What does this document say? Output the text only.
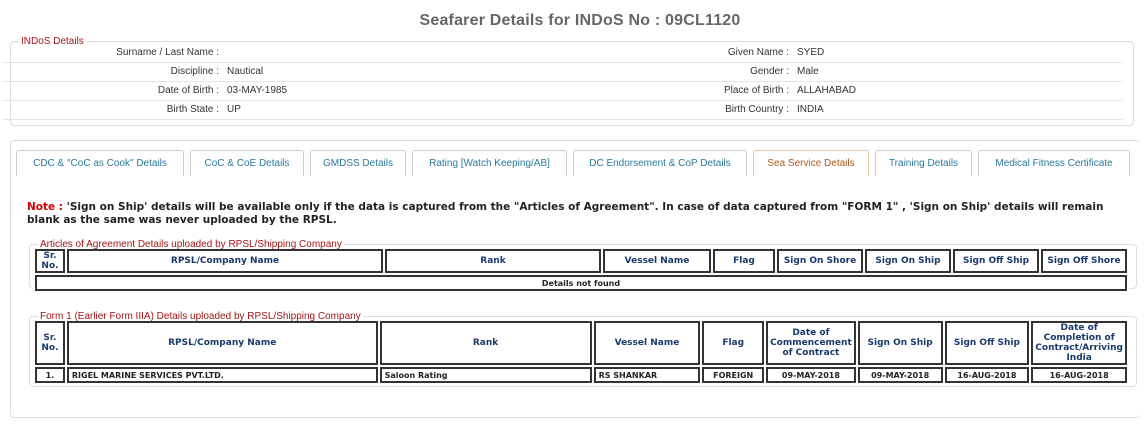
Seafarer Details for INDoS No : 09CL1120
INDoS Details
Surname / Last Name :		Given Name :	SYED
Discipline :	Nautical	Gender :	Male
Date of Birth :	03-MAY-1985	Place of Birth :	ALLAHABAD
Birth State :	UP	Birth Country :	INDIA
CDC & "CoC as Cook" Details	CoC & CoE Details	GMDSS Details	Rating [Watch Keeping/AB]	DC Endorsement & CoP Details	Sea Service Details	Training Details	Medical Fitness Certificate
Note : 'Sign on Ship' details will be available only if the data is captured from the "Articles of Agreement". In case of data captured from "FORM 1" , 'Sign on Ship' details will remain blank as the same was never uploaded by the RPSL.
Articles of Agreement Details uploaded by RPSL/Shipping Company
Sr. No.	RPSL/Company Name	Rank	Vessel Name	Flag	Sign On Shore	Sign On Ship	Sign Off Ship	Sign Off Shore
Details not found
Form 1 (Earlier Form IIIA) Details uploaded by RPSL/Shipping Company
Sr. No.	RPSL/Company Name	Rank	Vessel Name	Flag	Date of Commencement of Contract	Sign On Ship	Sign Off Ship	Date of Completion of Contract/Arriving India
1.	RIGEL MARINE SERVICES PVT.LTD.	Saloon Rating	RS SHANKAR	FOREIGN	09-MAY-2018	09-MAY-2018	16-AUG-2018	16-AUG-2018
